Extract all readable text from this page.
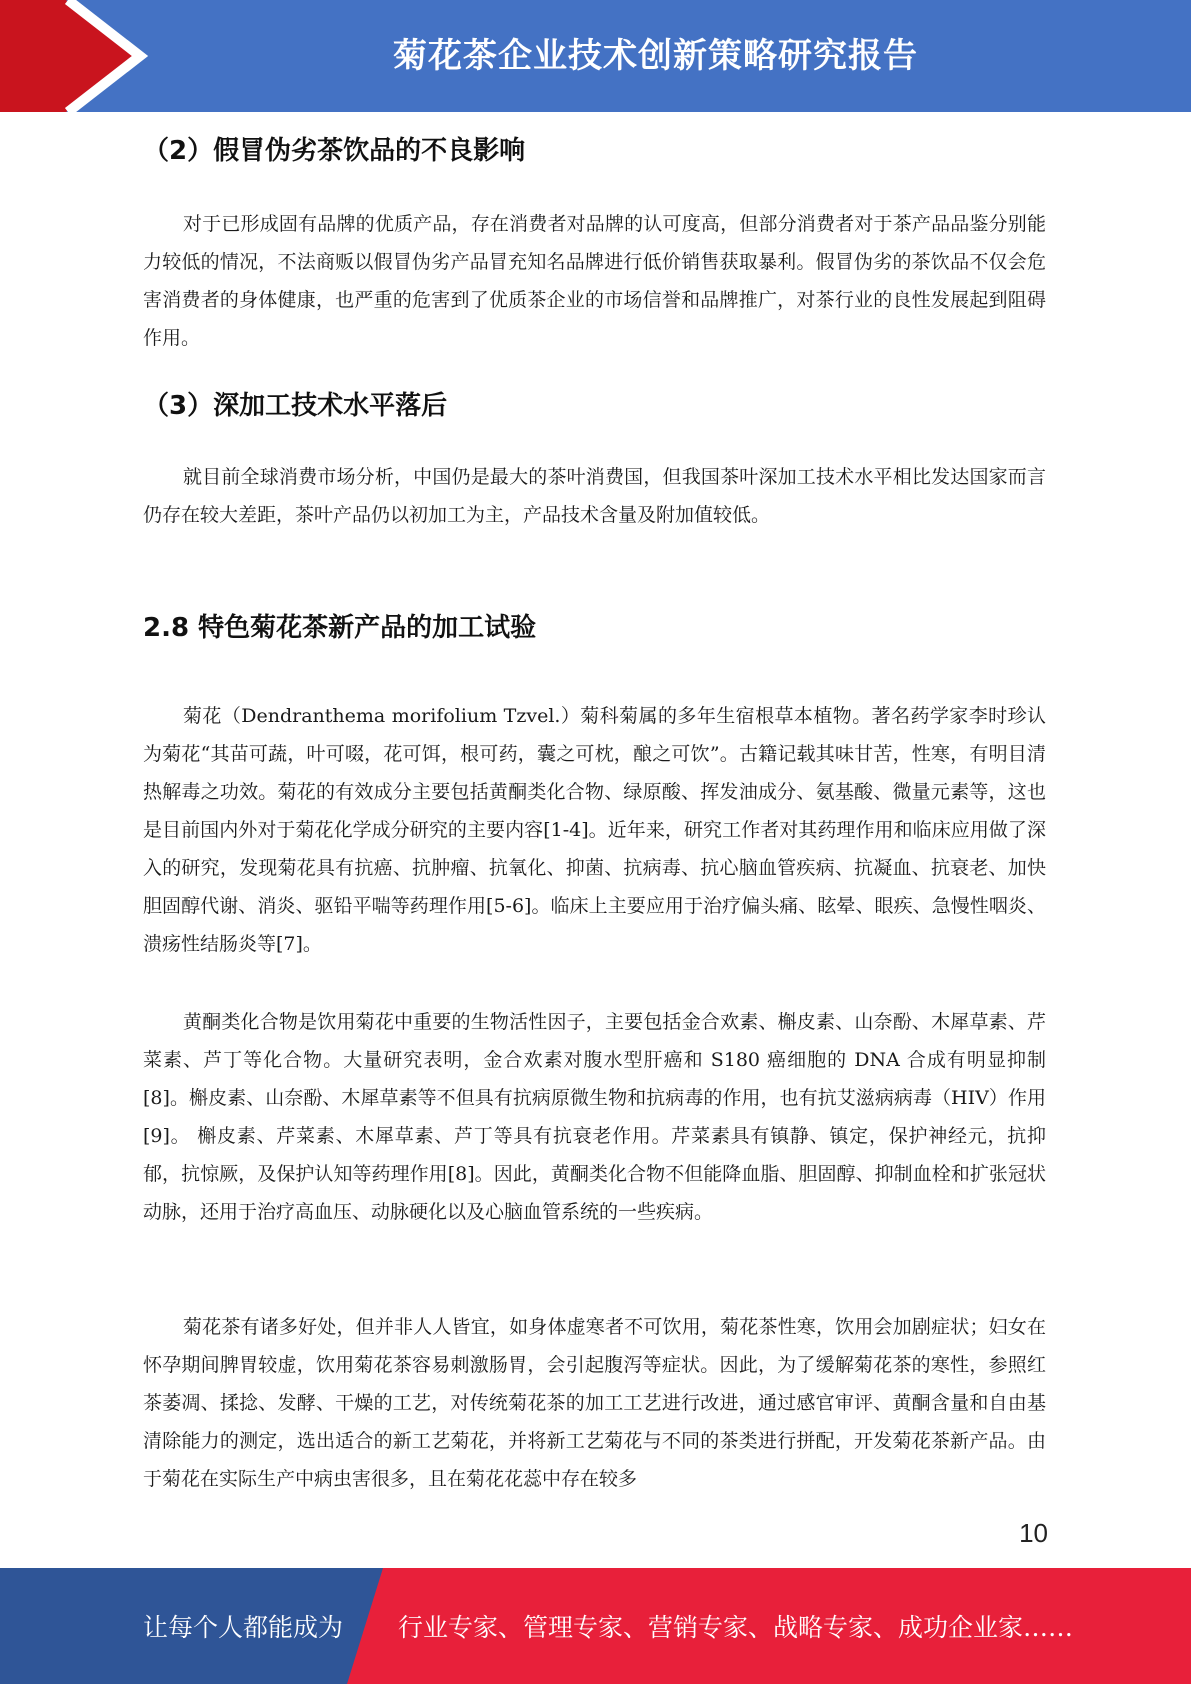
菊花茶企业技术创新策略研究报告
（2）假冒伪劣茶饮品的不良影响

对于已形成固有品牌的优质产品，存在消费者对品牌的认可度高，但部分消费者对于茶产品品鉴分别能力较低的情况，不法商贩以假冒伪劣产品冒充知名品牌进行低价销售获取暴利。假冒伪劣的茶饮品不仅会危害消费者的身体健康，也严重的危害到了优质茶企业的市场信誉和品牌推广，对茶行业的良性发展起到阻碍作用。

（3）深加工技术水平落后

就目前全球消费市场分析，中国仍是最大的茶叶消费国，但我国茶叶深加工技术水平相比发达国家而言仍存在较大差距，茶叶产品仍以初加工为主，产品技术含量及附加值较低。

2.8 特色菊花茶新产品的加工试验

菊花（Dendranthema morifolium Tzvel.）菊科菊属的多年生宿根草本植物。著名药学家李时珍认为菊花“其苗可蔬，叶可啜，花可饵，根可药，囊之可枕，酿之可饮”。古籍记载其味甘苦，性寒，有明目清热解毒之功效。菊花的有效成分主要包括黄酮类化合物、绿原酸、挥发油成分、氨基酸、微量元素等，这也是目前国内外对于菊花化学成分研究的主要内容[1-4]。近年来，研究工作者对其药理作用和临床应用做了深入的研究，发现菊花具有抗癌、抗肿瘤、抗氧化、抑菌、抗病毒、抗心脑血管疾病、抗凝血、抗衰老、加快胆固醇代谢、消炎、驱铅平喘等药理作用[5-6]。临床上主要应用于治疗偏头痛、眩晕、眼疾、急慢性咽炎、溃疡性结肠炎等[7]。

黄酮类化合物是饮用菊花中重要的生物活性因子，主要包括金合欢素、槲皮素、山奈酚、木犀草素、芹菜素、芦丁等化合物。大量研究表明，金合欢素对腹水型肝癌和 S180 癌细胞的 DNA 合成有明显抑制[8]。槲皮素、山奈酚、木犀草素等不但具有抗病原微生物和抗病毒的作用，也有抗艾滋病病毒（HIV）作用[9]。 槲皮素、芹菜素、木犀草素、芦丁等具有抗衰老作用。芹菜素具有镇静、镇定，保护神经元，抗抑郁，抗惊厥，及保护认知等药理作用[8]。因此，黄酮类化合物不但能降血脂、胆固醇、抑制血栓和扩张冠状动脉，还用于治疗高血压、动脉硬化以及心脑血管系统的一些疾病。

菊花茶有诸多好处，但并非人人皆宜，如身体虚寒者不可饮用，菊花茶性寒，饮用会加剧症状；妇女在怀孕期间脾胃较虚，饮用菊花茶容易刺激肠胃，会引起腹泻等症状。因此，为了缓解菊花茶的寒性，参照红茶萎凋、揉捻、发酵、干燥的工艺，对传统菊花茶的加工工艺进行改进，通过感官审评、黄酮含量和自由基清除能力的测定，选出适合的新工艺菊花，并将新工艺菊花与不同的茶类进行拼配，开发菊花茶新产品。由于菊花在实际生产中病虫害很多，且在菊花花蕊中存在较多

10
让每个人都能成为 行业专家、管理专家、营销专家、战略专家、成功企业家……
